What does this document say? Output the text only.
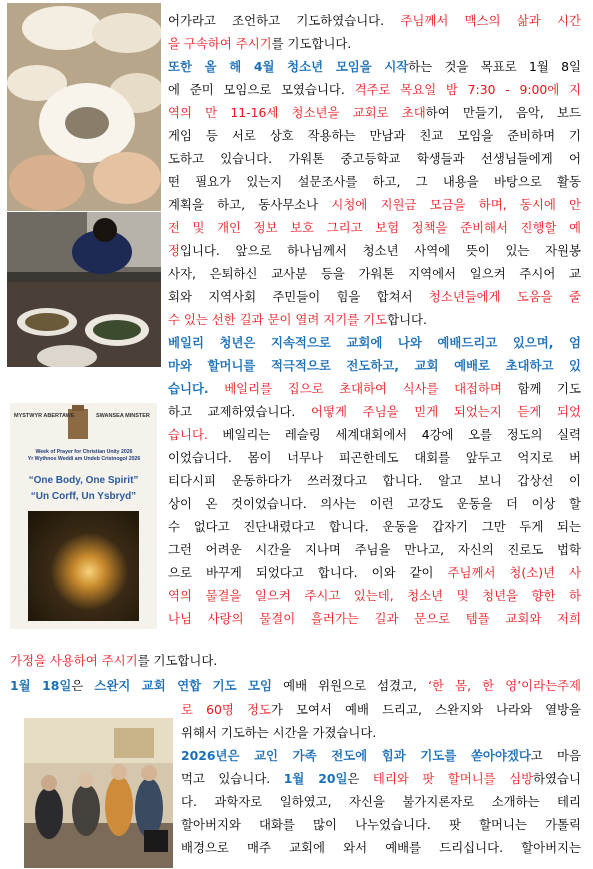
MYSTWYR ABERTAWE	SWANSEA MINSTER
Week of Prayer for Christian Unity 2026
Yr Wythnos Weddi am Undeb Cristnogol 2026
“One Body, One Spirit”
“Un Corff, Un Ysbryd”
어가라고 조언하고 기도하였습니다. 주님께서 맥스의 삶과 시간
을 구속하여 주시기를 기도합니다.
또한 올 해 4월 청소년 모임을 시작하는 것을 목표로 1월 8일
에 준미 모임으로 모였습니다. 격주로 목요일 밤 7:30 - 9:00에 지
역의 만 11-16세 청소년을 교회로 초대하여 만들기, 음악, 보드
게임 등 서로 상호 작용하는 만남과 친교 모임을 준비하며 기
도하고 있습니다. 가워톤 중고등학교 학생들과 선생님들에게 어
떤 필요가 있는지 설문조사를 하고, 그 내용을 바탕으로 활동
계획을 하고, 동사무소나 시청에 지원금 모금을 하며, 동시에 안
전 및 개인 정보 보호 그리고 보험 정책을 준비해서 진행할 예
정입니다. 앞으로 하나님께서 청소년 사역에 뜻이 있는 자원봉
사자, 은퇴하신 교사분 등을 가워톤 지역에서 일으켜 주시어 교
회와 지역사회 주민들이 힘을 합쳐서 청소년들에게 도움을 줄
수 있는 선한 길과 문이 열려 지기를 기도합니다.
베일리 청년은 지속적으로 교회에 나와 예배드리고 있으며, 엄
마와 할머니를 적극적으로 전도하고, 교회 예배로 초대하고 있
습니다. 베일리를 집으로 초대하여 식사를 대접하며 함께 기도
하고 교제하였습니다. 어떻게 주님을 믿게 되었는지 듣게 되었
습니다. 베일리는 레슬링 세계대회에서 4강에 오를 정도의 실력
이었습니다. 몸이 너무나 피곤한데도 대회를 앞두고 억지로 버
티다시피 운동하다가 쓰러졌다고 합니다. 알고 보니 갑상선 이
상이 온 것이었습니다. 의사는 이런 고강도 운동을 더 이상 할
수 없다고 진단내렸다고 합니다. 운동을 갑자기 그만 두게 되는
그런 어려운 시간을 지나며 주님을 만나고, 자신의 진로도 법학
으로 바꾸게 되었다고 합니다. 이와 같이 주님께서 청(소)년 사
역의 물결을 일으켜 주시고 있는데, 청소년 및 청년을 향한 하
나님 사랑의 물결이 흘러가는 길과 문으로 템플 교회와 저희
가정을 사용하여 주시기를 기도합니다.
1월 18일은 스완지 교회 연합 기도 모임 예배 위원으로 섬겼고, ‘한 몸, 한 영’이라는주제
로 60명 정도가 모여서 예배 드리고, 스완지와 나라와 열방을
위해서 기도하는 시간을 가졌습니다.
2026년은 교인 가족 전도에 힘과 기도를 쏟아야겠다고 마음
먹고 있습니다. 1월 20일은 테리와 팟 할머니를 심방하였습니
다. 과학자로 일하였고, 자신을 불가지론자로 소개하는 테리
할아버지와 대화를 많이 나누었습니다. 팟 할머니는 가톨릭
배경으로 매주 교회에 와서 예배를 드리십니다. 할아버지는
